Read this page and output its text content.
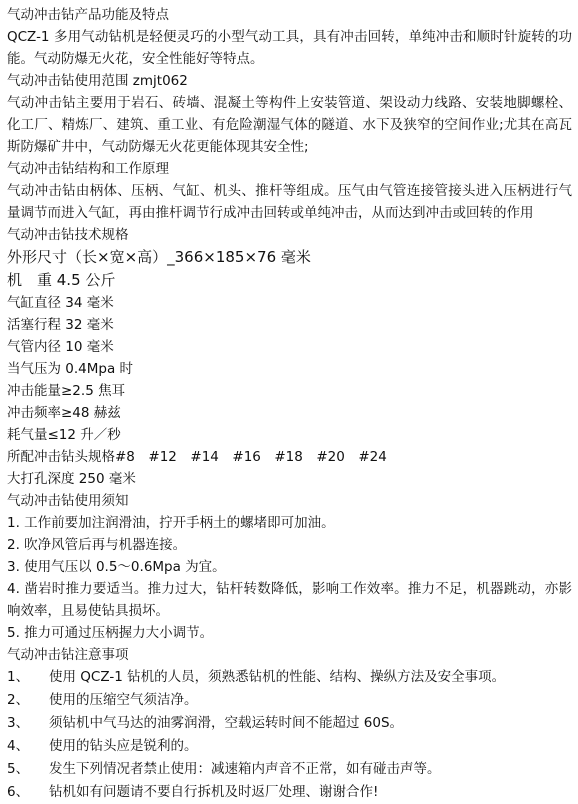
气动冲击钻产品功能及特点
QCZ-1 多用气动钻机是轻便灵巧的小型气动工具，具有冲击回转，单纯冲击和顺时针旋转的功能。气动防爆无火花，安全性能好等特点。
气动冲击钻使用范围 zmjt062
气动冲击钻主要用于岩石、砖墙、混凝土等构件上安装管道、架设动力线路、安装地脚螺栓、化工厂、精炼厂、建筑、重工业、有危险潮湿气体的隧道、水下及狭窄的空间作业;尤其在高瓦斯防爆矿井中，气动防爆无火花更能体现其安全性;
气动冲击钻结构和工作原理
气动冲击钻由柄体、压柄、气缸、机头、推杆等组成。压气由气管连接管接头进入压柄进行气量调节而进入气缸，再由推杆调节行成冲击回转或单纯冲击，从而达到冲击或回转的作用
气动冲击钻技术规格
外形尺寸（长×宽×高）_366×185×76 毫米
机　重 4.5 公斤
气缸直径 34 毫米
活塞行程 32 毫米
气管内径 10 毫米
当气压为 0.4Mpa 时
冲击能量≥2.5 焦耳
冲击频率≥48 赫兹
耗气量≤12 升／秒
所配冲击钻头规格#8　#12　#14　#16　#18　#20　#24
大打孔深度 250 毫米
气动冲击钻使用须知
1. 工作前要加注润滑油，拧开手柄土的螺堵即可加油。
2. 吹净风管后再与机器连接。
3. 使用气压以 0.5～0.6Mpa 为宜。
4. 凿岩时推力要适当。推力过大，钻杆转数降低，影响工作效率。推力不足，机器跳动，亦影响效率，且易使钻具损坏。
5. 推力可通过压柄握力大小调节。
气动冲击钻注意事项
1、	使用 QCZ-1 钻机的人员，须熟悉钻机的性能、结构、操纵方法及安全事项。
2、	使用的压缩空气须洁净。
3、	须钻机中气马达的油雾润滑，空载运转时间不能超过 60S。
4、	使用的钻头应是锐利的。
5、	发生下列情况者禁止使用：减速箱内声音不正常，如有碰击声等。
6、	钻机如有问题请不要自行拆机及时返厂处理、谢谢合作!
